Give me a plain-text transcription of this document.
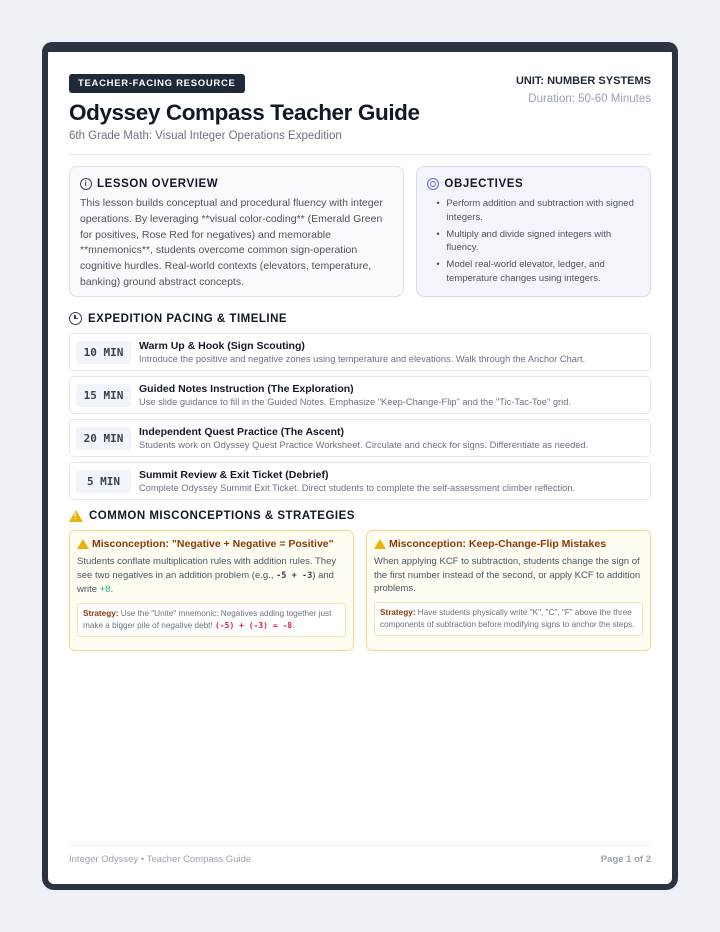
TEACHER-FACING RESOURCE
Odyssey Compass Teacher Guide
6th Grade Math: Visual Integer Operations Expedition
UNIT: NUMBER SYSTEMS
Duration: 50-60 Minutes
i LESSON OVERVIEW
This lesson builds conceptual and procedural fluency with integer operations. By leveraging **visual color-coding** (Emerald Green for positives, Rose Red for negatives) and memorable **mnemonics**, students overcome common sign-operation cognitive hurdles. Real-world contexts (elevators, temperature, banking) ground abstract concepts.
OBJECTIVES
• Perform addition and subtraction with signed integers.
• Multiply and divide signed integers with fluency.
• Model real-world elevator, ledger, and temperature changes using integers.
EXPEDITION PACING & TIMELINE
10 MIN	Warm Up & Hook (Sign Scouting)
Introduce the positive and negative zones using temperature and elevations. Walk through the Anchor Chart.
15 MIN	Guided Notes Instruction (The Exploration)
Use slide guidance to fill in the Guided Notes. Emphasize "Keep-Change-Flip" and the "Tic-Tac-Toe" grid.
20 MIN	Independent Quest Practice (The Ascent)
Students work on Odyssey Quest Practice Worksheet. Circulate and check for signs. Differentiate as needed.
5 MIN	Summit Review & Exit Ticket (Debrief)
Complete Odyssey Summit Exit Ticket. Direct students to complete the self-assessment climber reflection.
! COMMON MISCONCEPTIONS & STRATEGIES
Misconception: "Negative + Negative = Positive"
Students conflate multiplication rules with addition rules. They see two negatives in an addition problem (e.g., -5 + -3) and write +8.
Strategy: Use the "Unite" mnemonic: Negatives adding together just make a bigger pile of negative debt! (-5) + (-3) = -8.
Misconception: Keep-Change-Flip Mistakes
When applying KCF to subtraction, students change the sign of the first number instead of the second, or apply KCF to addition problems.
Strategy: Have students physically write "K", "C", "F" above the three components of subtraction before modifying signs to anchor the steps.
Integer Odyssey • Teacher Compass Guide	Page 1 of 2
